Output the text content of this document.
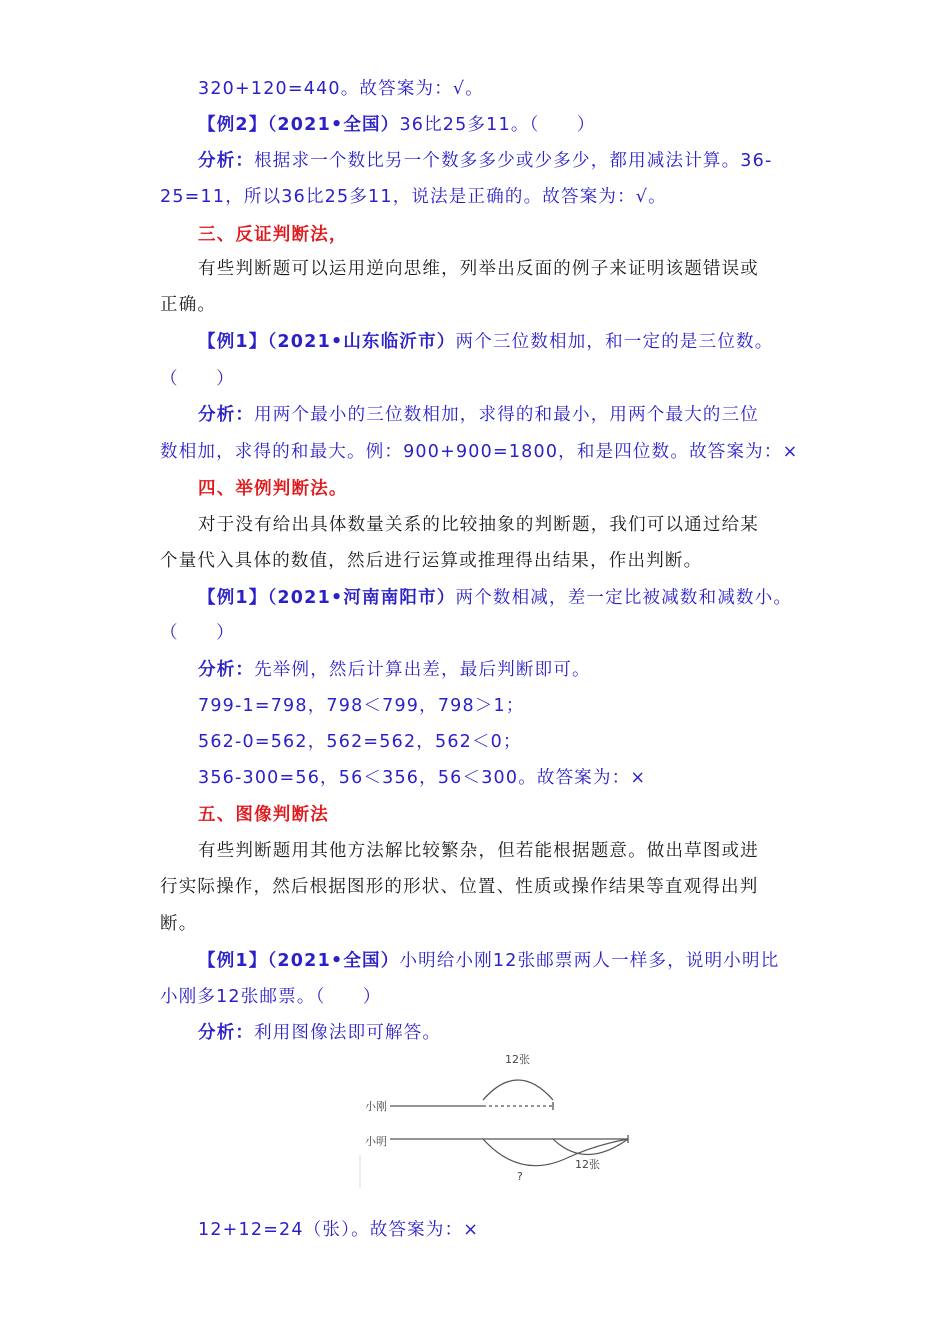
320+120=440。故答案为：√。
【例2】（2021•全国）36比25多11。（　　）
分析：根据求一个数比另一个数多多少或少多少，都用减法计算。36-
25=11，所以36比25多11，说法是正确的。故答案为：√。
三、反证判断法，
有些判断题可以运用逆向思维，列举出反面的例子来证明该题错误或
正确。
【例1】（2021•山东临沂市）两个三位数相加，和一定的是三位数。
（　　）
分析：用两个最小的三位数相加，求得的和最小，用两个最大的三位
数相加，求得的和最大。例：900+900=1800，和是四位数。故答案为：×
四、举例判断法。
对于没有给出具体数量关系的比较抽象的判断题，我们可以通过给某
个量代入具体的数值，然后进行运算或推理得出结果，作出判断。
【例1】（2021•河南南阳市）两个数相减，差一定比被减数和减数小。
（　　）
分析：先举例，然后计算出差，最后判断即可。
799-1=798，798＜799，798＞1；
562-0=562，562=562，562＜0；
356-300=56，56＜356，56＜300。故答案为：×
五、图像判断法
有些判断题用其他方法解比较繁杂，但若能根据题意。做出草图或进
行实际操作，然后根据图形的形状、位置、性质或操作结果等直观得出判
断。
【例1】（2021•全国）小明给小刚12张邮票两人一样多，说明小明比
小刚多12张邮票。（　　）
分析：利用图像法即可解答。
12张
小刚
小明
12张
?
12+12=24（张）。故答案为：×
